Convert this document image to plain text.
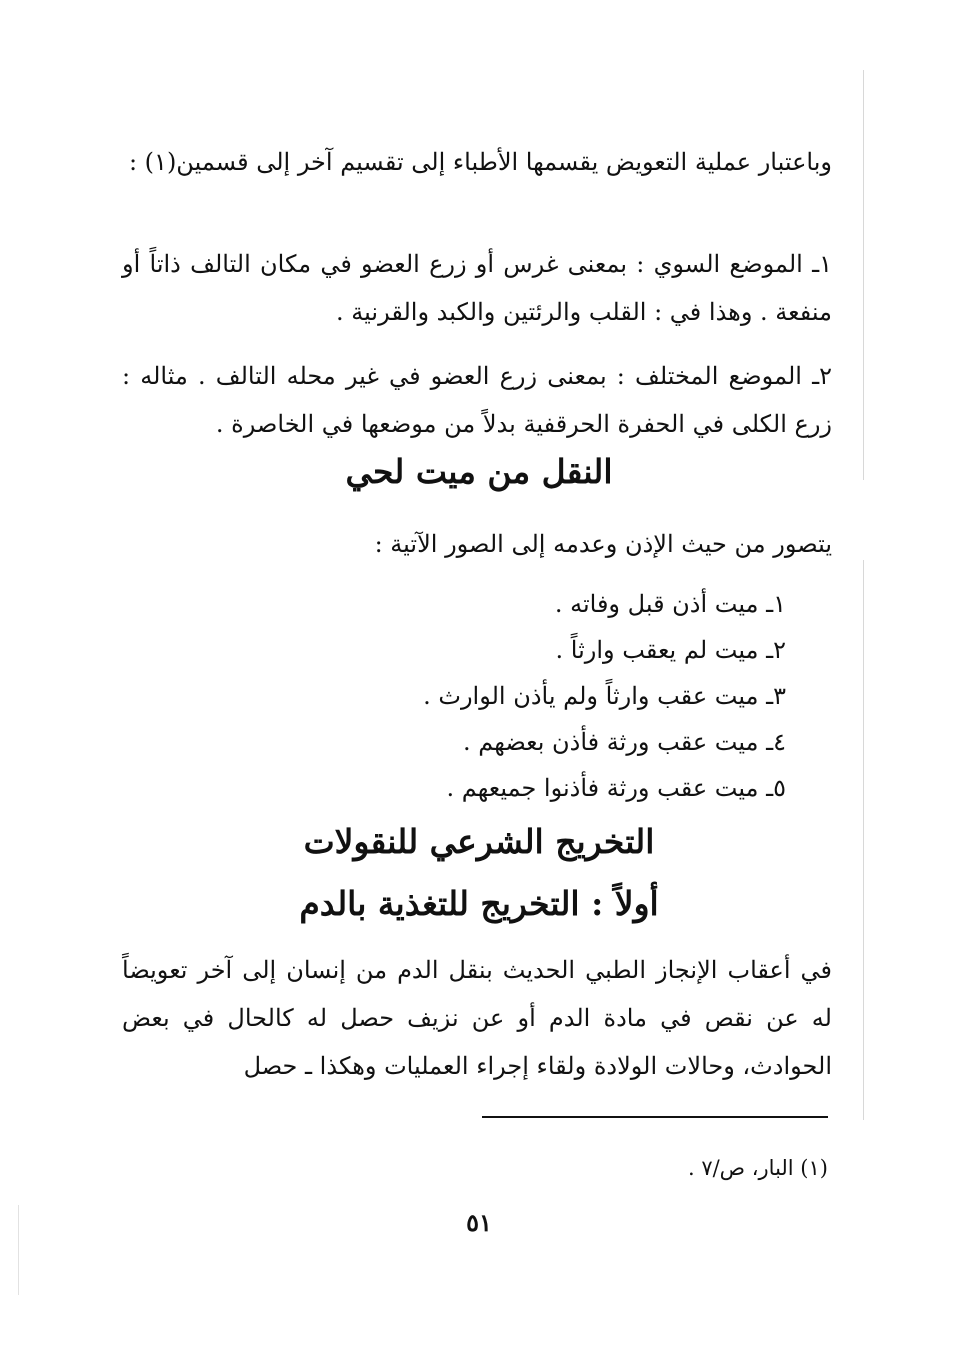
وباعتبار عملية التعويض يقسمها الأطباء إلى تقسيم آخر إلى قسمين(١) :
١ـ الموضع السوي : بمعنى غرس أو زرع العضو في مكان التالف ذاتاً أو منفعة . وهذا في : القلب والرئتين والكبد والقرنية .
٢ـ الموضع المختلف : بمعنى زرع العضو في غير محله التالف . مثاله : زرع الكلى في الحفرة الحرقفية بدلاً من موضعها في الخاصرة .
النقل من ميت لحي
يتصور من حيث الإذن وعدمه إلى الصور الآتية :
١ـ ميت أذن قبل وفاته .
٢ـ ميت لم يعقب وارثاً .
٣ـ ميت عقب وارثاً ولم يأذن الوارث .
٤ـ ميت عقب ورثة فأذن بعضهم .
٥ـ ميت عقب ورثة فأذنوا جميعهم .
التخريج الشرعي للنقولات
أولاً : التخريج للتغذية بالدم
في أعقاب الإنجاز الطبي الحديث بنقل الدم من إنسان إلى آخر تعويضاً له عن نقص في مادة الدم أو عن نزيف حصل له كالحال في بعض الحوادث، وحالات الولادة ولقاء إجراء العمليات وهكذا ـ حصل
(١) البار، ص/٧ .
٥١
